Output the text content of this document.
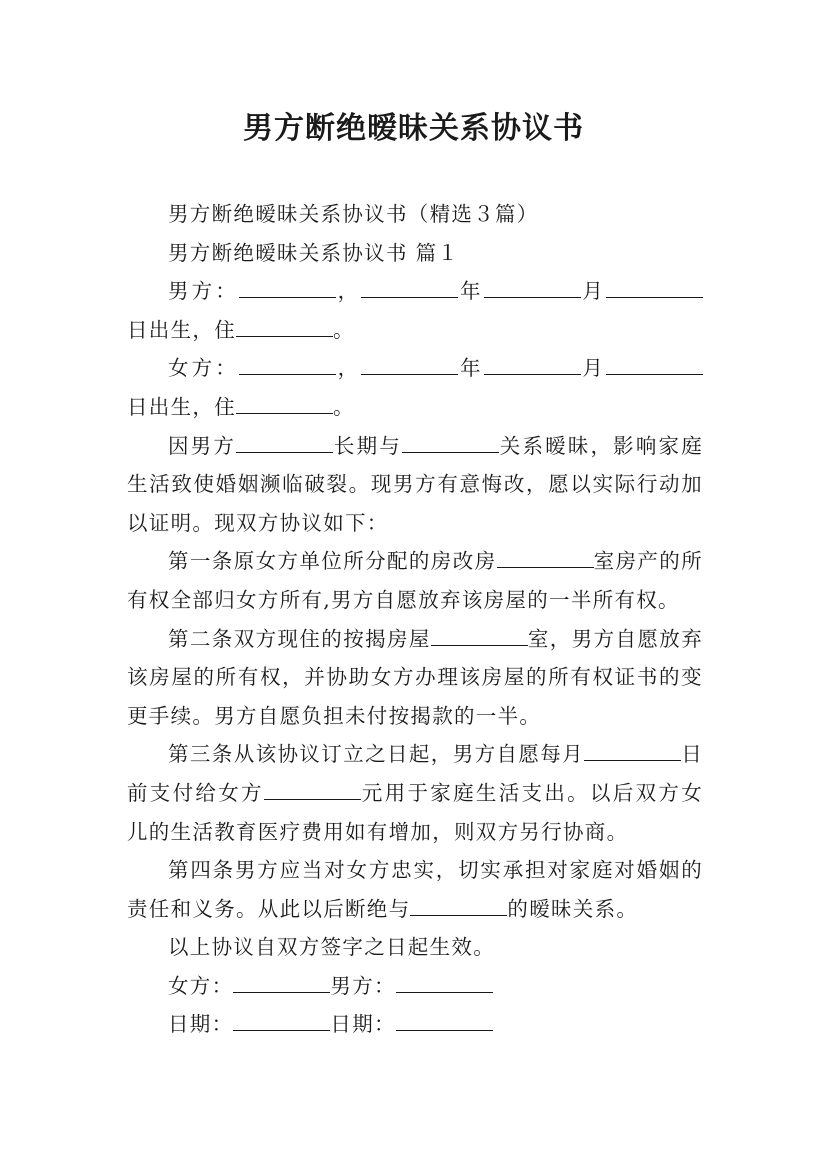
男方断绝暧昧关系协议书

男方断绝暧昧关系协议书（精选３篇）

男方断绝暧昧关系协议书 篇１

男方：	，	年	月日出生，住	。

女方：	，	年	月日出生，住	。

因男方	长期与	关系暧昧，影响家庭生活致使婚姻濒临破裂。现男方有意悔改，愿以实际行动加以证明。现双方协议如下：

第一条原女方单位所分配的房改房	室房产的所有权全部归女方所有,男方自愿放弃该房屋的一半所有权。

第二条双方现住的按揭房屋	室，男方自愿放弃该房屋的所有权，并协助女方办理该房屋的所有权证书的变更手续。男方自愿负担未付按揭款的一半。

第三条从该协议订立之日起，男方自愿每月	日前支付给女方	元用于家庭生活支出。以后双方女儿的生活教育医疗费用如有增加，则双方另行协商。

第四条男方应当对女方忠实，切实承担对家庭对婚姻的责任和义务。从此以后断绝与	的暧昧关系。

以上协议自双方签字之日起生效。

女方：	男方：

日期：	日期：
